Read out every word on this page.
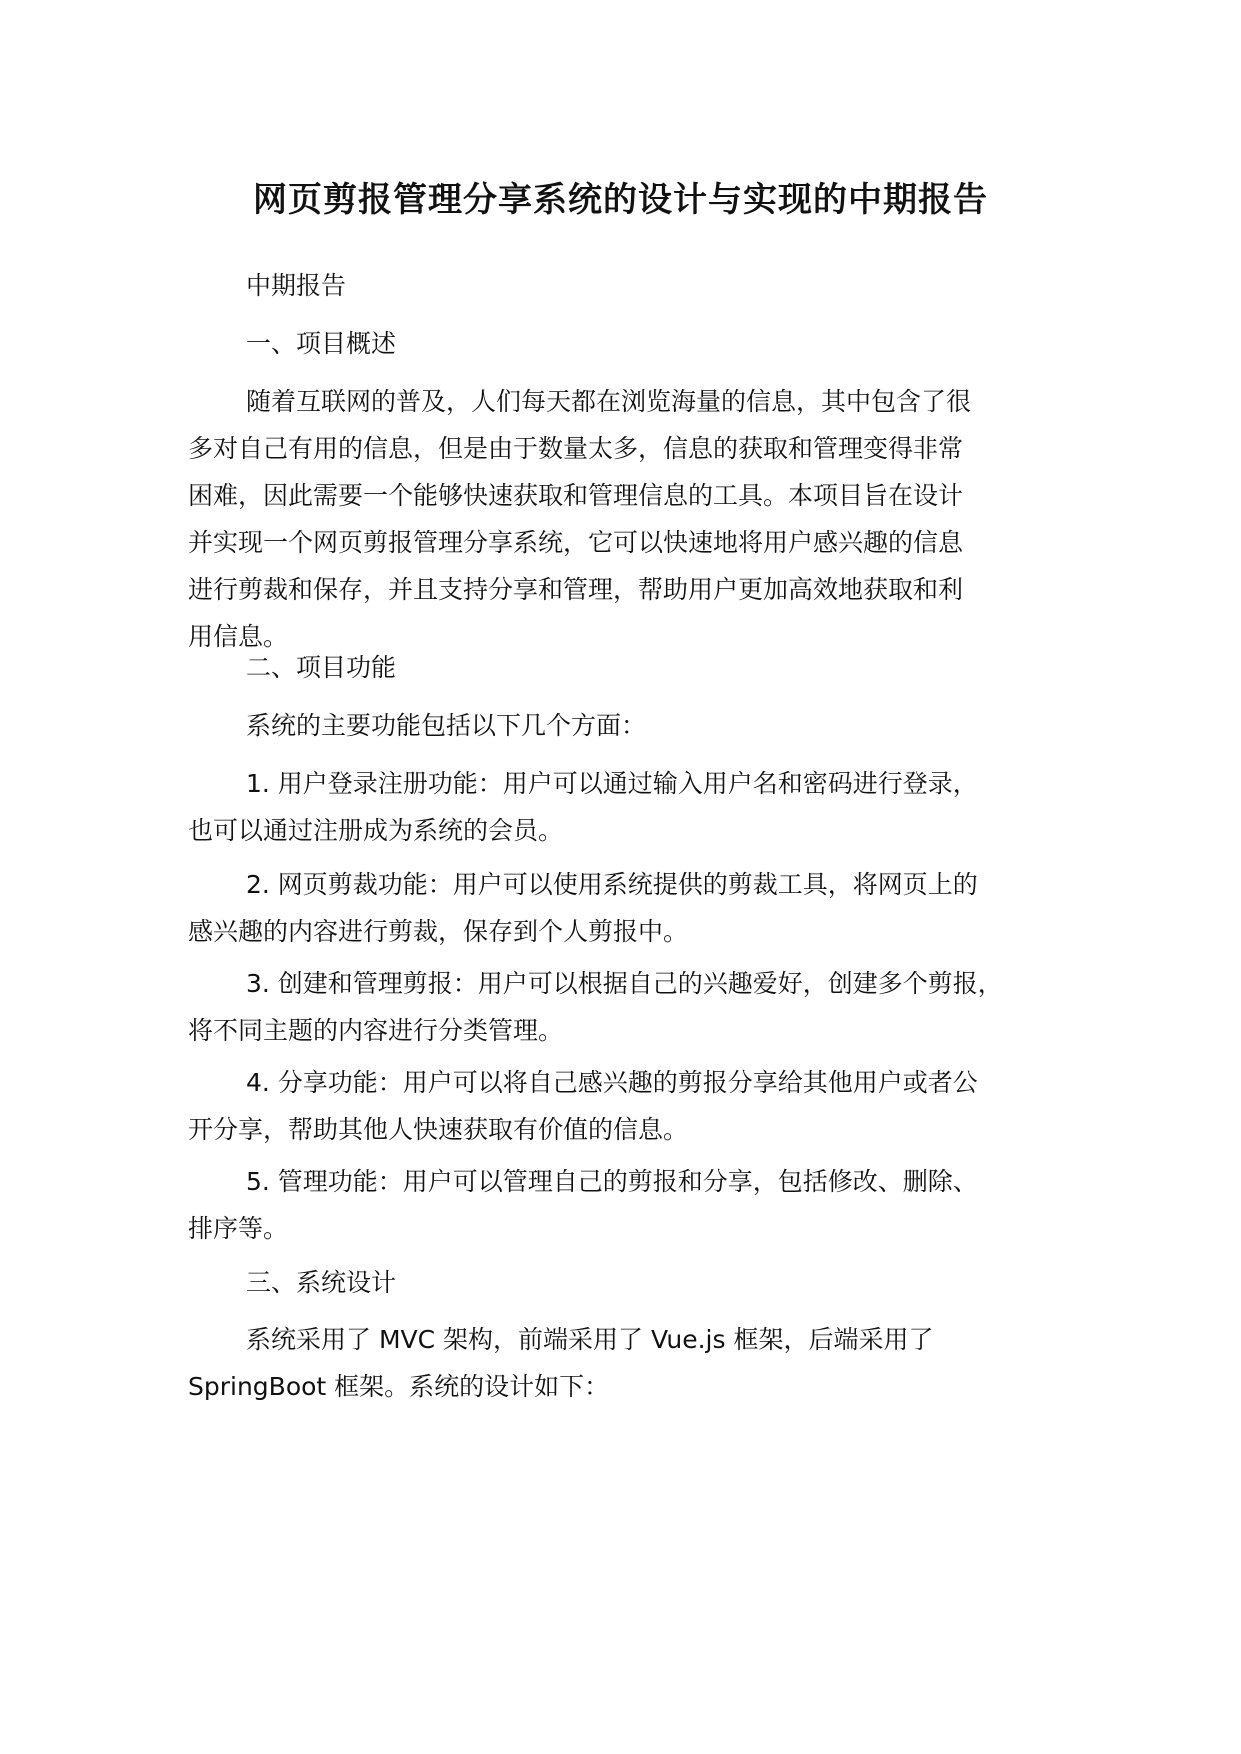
网页剪报管理分享系统的设计与实现的中期报告

中期报告

一、项目概述

随着互联网的普及，人们每天都在浏览海量的信息，其中包含了很
多对自己有用的信息，但是由于数量太多，信息的获取和管理变得非常
困难，因此需要一个能够快速获取和管理信息的工具。本项目旨在设计
并实现一个网页剪报管理分享系统，它可以快速地将用户感兴趣的信息
进行剪裁和保存，并且支持分享和管理，帮助用户更加高效地获取和利
用信息。

二、项目功能

系统的主要功能包括以下几个方面：

1. 用户登录注册功能：用户可以通过输入用户名和密码进行登录，
也可以通过注册成为系统的会员。

2. 网页剪裁功能：用户可以使用系统提供的剪裁工具，将网页上的
感兴趣的内容进行剪裁，保存到个人剪报中。

3. 创建和管理剪报：用户可以根据自己的兴趣爱好，创建多个剪报，
将不同主题的内容进行分类管理。

4. 分享功能：用户可以将自己感兴趣的剪报分享给其他用户或者公
开分享，帮助其他人快速获取有价值的信息。

5. 管理功能：用户可以管理自己的剪报和分享，包括修改、删除、
排序等。

三、系统设计

系统采用了 MVC 架构，前端采用了 Vue.js 框架，后端采用了
SpringBoot 框架。系统的设计如下：
